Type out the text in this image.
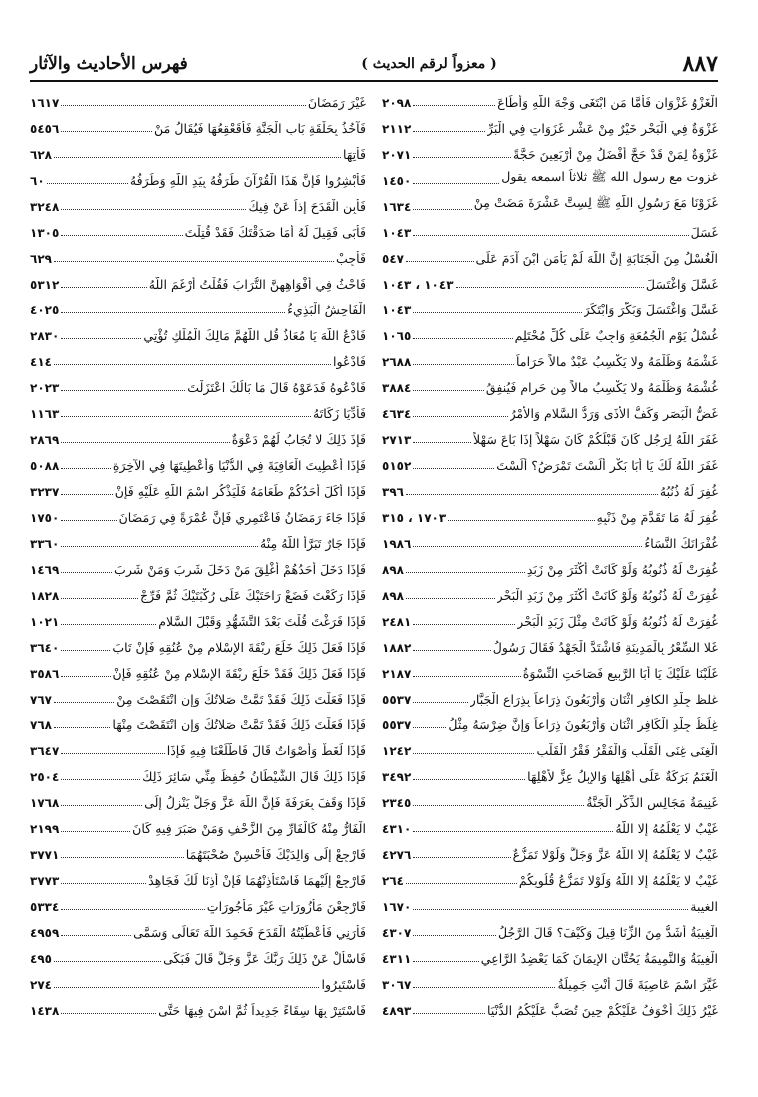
٨٨٧
( معزواً لرقم الحديث )
فهرس الأحاديث والآثار
الْغَزْوُ غَزْوَانِ فَأَمَّا مَنِ ابْتَغَى وَجْهَ اللَّهِ وَأَطَاعَ
٢٠٩٨
غَزْوَةٌ فِي الْبَحْرِ خَيْرٌ مِنْ عَشْرِ غَزَوَاتٍ فِي الْبَرِّ
٢١١٢
غَزْوَةٌ لِمَنْ قَدْ حَجَّ أَفْضَلُ مِنْ أَرْبَعِينَ حَجَّةً
٢٠٧١
غزوت مع رسول الله ﷺ ثلاثاً اسمعه يقول
١٤٥٠
غَزَوْنَا مَعَ رَسُولِ اللَّهِ ﷺ لِسِتَّ عَشْرَةَ مَضَتْ مِنْ
١٦٣٤
غَسَلَ
١٠٤٣
الْغُسْلُ مِنَ الْجَنَابَةِ إِنَّ اللَّهَ لَمْ يَأْمَنِ ابْنَ آدَمَ عَلَى
٥٤٧
غَسَّلَ وَاغْتَسَلَ
١٠٤٣ ، ١٠٤٣
غَسَّلَ وَاغْتَسَلَ وَبَكَّرَ وَابْتَكَرَ
١٠٤٣
غُسْلُ يَوْمِ الْجُمُعَةِ وَاجِبٌ عَلَى كُلِّ مُحْتَلِمٍ
١٠٦٥
غَشْمَهُ وَظَلْمَهُ ولا يَكْسِبُ عَبْدٌ مالاً حَرَاماً
٢٦٨٨
غُشْمَهُ وَظُلْمَهُ ولا يَكْسِبُ مالاً مِن حَرامٍ فَيُنفِقُ
٣٨٨٤
غَضُّ الْبَصَرِ وَكَفُّ الأذَى وَرَدُّ السَّلامِ وَالأمْرُ
٤٦٣٤
غَفَرَ اللَّهُ لِرَجُلٍ كَانَ قَبْلَكُمْ كَانَ سَهْلاً إِذَا بَاعَ سَهْلاً
٢٧١٣
غَفَرَ اللَّهُ لَكَ يَا أَبَا بَكْرٍ أَلَسْتَ تَمْرَضُ؟ أَلَسْتَ
٥١٥٢
غُفِرَ لَهُ ذُنُبُهُ
٣٩٦
غُفِرَ لَهُ مَا تَقَدَّمَ مِنْ ذَنْبِهِ
١٧٠٣ ، ٣١٥
غُفْرَانَكَ النَّسَاءُ
١٩٨٦
غُفِرَتْ لَهُ ذُنُوبُهُ وَلَوْ كَانَتْ أَكْثَرَ مِنْ زَبَدِ
٨٩٨
غُفِرَتْ لَهُ ذُنُوبُهُ وَلَوْ كَانَتْ أَكْثَرَ مِنْ زَبَدِ الْبَحْرِ
٨٩٨
غُفِرَتْ لَهُ ذُنُوبُهُ وَلَوْ كَانَتْ مِثْلَ زَبَدِ الْبَحْرِ
٢٤٨١
غَلا السِّعْرُ بِالْمَدِينَةِ فَاشْتَدَّ الْجَهْدُ فَقَالَ رَسُولُ
١٨٨٢
غَلَبْنَا عَلَيْكَ يَا أَبَا الرَّبِيعِ فَصَاحَتِ النِّسْوَةُ
٢١٨٧
غلظ جِلْدِ الكافِرِ اثْنَانِ وَأَرْبَعُونَ ذِرَاعاً بِذِرَاعِ الْجَبَّارِ
٥٥٣٧
غِلَظُ جِلْدِ الْكَافِرِ اثْنَانِ وَأَرْبَعُونَ ذِرَاعاً وَإِنَّ ضِرْسَهُ مِثْلُ
٥٥٣٧
الْغِنَى غِنَى الْقَلْبِ وَالْفَقْرُ فَقْرُ الْقَلْبِ
١٢٤٢
الْغَنَمُ بَرَكَةٌ عَلَى أَهْلِهَا وَالإبِلُ عِزٌّ لأهْلِهَا
٣٤٩٢
غَنِيمَةُ مَجَالِسِ الذِّكْرِ الْجَنَّةُ
٢٣٤٥
غَيْبٌ لا يَعْلَمُهُ إِلا اللَّهُ
٤٣١٠
غَيْبٌ لا يَعْلَمُهُ إِلا اللَّهُ عَزَّ وَجَلَّ وَلَوْلا تَمَزُّعٌ
٤٢٧٦
غَيْبٌ لا يَعْلَمُهُ إِلا اللَّهُ وَلَوْلا تَمَزُّعُ قُلُوبِكُمْ
٢٦٤
الغيبة
١٦٧٠
الْغِيبَةُ أَشَدُّ مِنَ الزِّنَا قِيلَ وَكَيْفَ؟ قَالَ الرَّجُلُ
٤٣٠٧
الْغِيبَةُ وَالنَّمِيمَةُ يَحُتَّانِ الإيمَانَ كَمَا يَعْضِدُ الرَّاعِي
٤٣١١
غَيَّرَ اسْمَ عَاصِيَةَ قَالَ أَنْتِ جَمِيلَةُ
٣٠٦٧
غَيْرُ ذَلِكَ أَخْوَفُ عَلَيْكُمْ حِينَ تُصَبُّ عَلَيْكُمُ الدُّنْيَا
٤٨٩٣
غَيْرَ رَمَضَانَ
١٦١٧
فَآخُذُ بِحَلْقَةِ بَابِ الْجَنَّةِ فَأُقَعْقِعُهَا فَيُقَالُ مَنْ
٥٤٥٦
فَأْتِهَا
٦٢٨
فَأَبْشِرُوا فَإِنَّ هَذَا الْقُرْآنَ طَرَفُهُ بِيَدِ اللَّهِ وَطَرَفُهُ
٦٠
فَأَبِنِ الْقَدَحَ إِذاً عَنْ فِيكَ
٣٢٤٨
فَأَبَى فَقِيلَ لَهُ أَمَا صَدَقْتَكَ فَقَدْ قُتِلْتَ
١٣٠٥
فَأَجِبْ
٦٢٩
فَاحْثُ فِي أَفْوَاهِهِنَّ التُّرَابَ فَقُلْتُ أَرْغَمَ اللَّهُ
٥٣١٢
الْفَاحِشُ الْبَذِيءُ
٤٠٢٥
فَادْعُ اللَّهَ يَا مُعَاذُ قُلِ اللَّهُمَّ مَالِكَ الْمُلْكِ تُؤْتِي
٢٨٣٠
فَادْعُوا
٤١٤
فَادْعُوهُ فَدَعَوْهُ قَالَ مَا بَالُكَ اعْتَزَلْتَ
٢٠٢٣
فَأَدِّيَا زَكَاتَهُ
١١٦٣
فَإِذَ ذَلِكَ لا تُجَابُ لَهُمْ دَعْوَةٌ
٢٨٦٩
فَإِذَا أُعْطِيتَ الْعَافِيَةَ فِي الدُّنْيَا وَأُعْطِيتَهَا فِي الآخِرَةِ
٥٠٨٨
فَإِذَا أَكَلَ أَحَدُكُمْ طَعَامَهُ فَلْيَذْكُرِ اسْمَ اللَّهِ عَلَيْهِ فَإِنْ
٣٢٣٧
فَإِذَا جَاءَ رَمَضَانُ فَاعْتَمِرِي فَإِنَّ عُمْرَةً فِي رَمَضَانَ
١٧٥٠
فَإِذَا جَارٌ تَبَرَّأَ اللَّهُ مِنْهُ
٣٣٦٠
فَإِذَا دَخَلَ أَحَدُهُمْ أُغْلِقَ مَنْ دَخَلَ شَرِبَ وَمَنْ شَرِبَ
١٤٦٩
فَإِذَا رَكَعْتَ فَضَعْ رَاحَتَيْكَ عَلَى رُكْبَتَيْكَ ثُمَّ فَرِّجْ
١٨٢٨
فَإِذَا فَرَغْتَ قُلْتَ بَعْدَ التَّشَهُّدِ وَقَبْلَ السَّلامِ
١٠٢١
فَإِذَا فَعَلَ ذَلِكَ خَلَعَ رِبْقَةَ الإِسْلامِ مِنْ عُنُقِهِ فَإِنْ تَابَ
٣٦٤٠
فَإِذَا فَعَلَ ذَلِكَ فَقَدْ خَلَعَ رِبْقَةَ الإِسْلامِ مِنْ عُنُقِهِ فَإِنْ
٣٥٨٦
فَإِذَا فَعَلْتَ ذَلِكَ فَقَدْ تَمَّتْ صَلاتُكَ وَإِنِ انْتَقَصْتَ مِنْ
٧٦٧
فَإِذَا فَعَلْتَ ذَلِكَ فَقَدْ تَمَّتْ صَلاتُكَ وَإِنِ انْتَقَصْتَ مِنْهَا
٧٦٨
فَإِذَا لَغَطٌ وَأَصْوَاتٌ قَالَ فَاطَّلَعْنَا فِيهِ فَإِذَا
٣٦٤٧
فَإِذَا ذَلِكَ قَالَ الشَّيْطَانُ حُفِظَ مِنِّي سَائِرَ ذَلِكَ
٢٥٠٤
فَإِذَا وَقَفَ بِعَرَفَةَ فَإِنَّ اللَّهَ عَزَّ وَجَلَّ يَنْزِلُ إِلَى
١٧٦٨
الْفَارُّ مِنْهُ كَالْفَارِّ مِنَ الزَّحْفِ وَمَنْ صَبَرَ فِيهِ كَانَ
٢١٩٩
فَارْجِعْ إِلَى وَالِدَيْكَ فَأَحْسِنْ صُحْبَتَهُمَا
٣٧٧١
فَارْجِعْ إِلَيْهِمَا فَاسْتَأْذِنْهُمَا فَإِنْ أَذِنَا لَكَ فَجَاهِدْ
٣٧٧٣
فَارْجِعْنَ مَأْزُورَاتٍ غَيْرَ مَأْجُورَاتٍ
٥٣٣٤
فَأَرَنِي فَأَعْطَيْتُهُ الْقَدَحَ فَحَمِدَ اللَّهَ تَعَالَى وَسَمَّى
٤٩٥٩
فَاسْأَلْ عَنْ ذَلِكَ رَبَّكَ عَزَّ وَجَلَّ قَالَ فَبَكَى
٤٩٥
فَاسْتَبِرُوا
٢٧٤
فَاسْتَتِرْ بِهَا سِقَاءً جَدِيداً ثُمَّ اسْنَ فِيهَا حَتَّى
١٤٣٨
